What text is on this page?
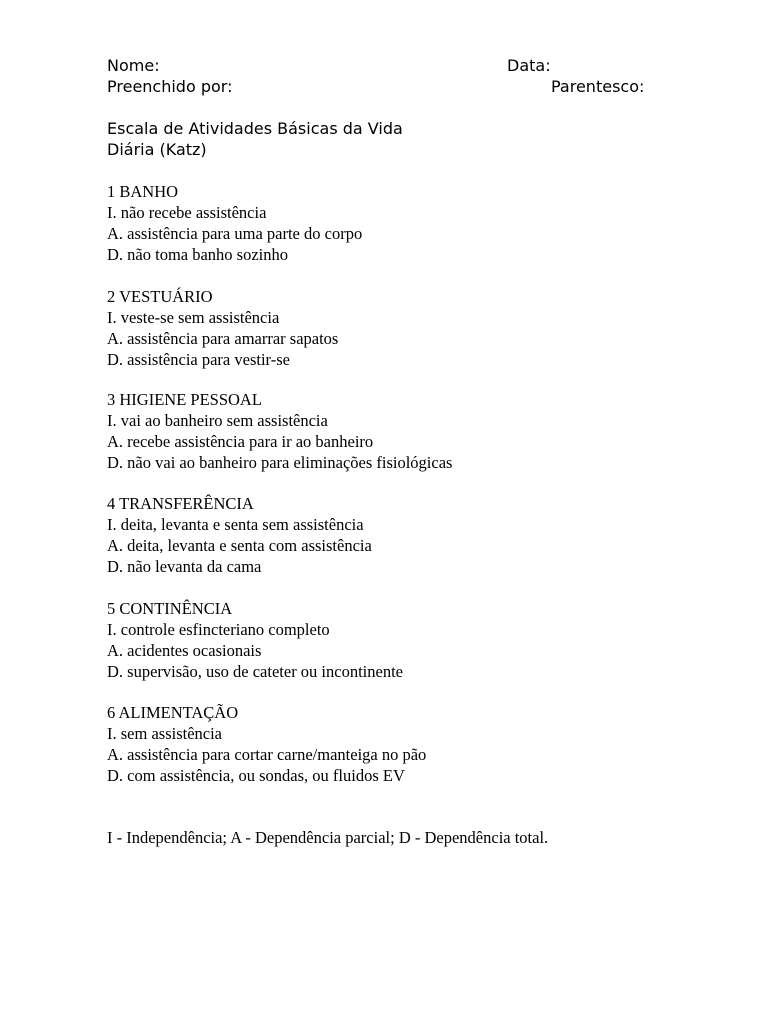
Nome:	Data:
Preenchido por:	Parentesco:
Escala de Atividades Básicas da Vida
Diária (Katz)
1 BANHO
I. não recebe assistência
A. assistência para uma parte do corpo
D. não toma banho sozinho
2 VESTUÁRIO
I. veste-se sem assistência
A. assistência para amarrar sapatos
D. assistência para vestir-se
3 HIGIENE PESSOAL
I. vai ao banheiro sem assistência
A. recebe assistência para ir ao banheiro
D. não vai ao banheiro para eliminações fisiológicas
4 TRANSFERÊNCIA
I. deita, levanta e senta sem assistência
A. deita, levanta e senta com assistência
D. não levanta da cama
5 CONTINÊNCIA
I. controle esfincteriano completo
A. acidentes ocasionais
D. supervisão, uso de cateter ou incontinente
6 ALIMENTAÇÃO
I. sem assistência
A. assistência para cortar carne/manteiga no pão
D. com assistência, ou sondas, ou fluidos EV
I - Independência; A - Dependência parcial; D - Dependência total.
